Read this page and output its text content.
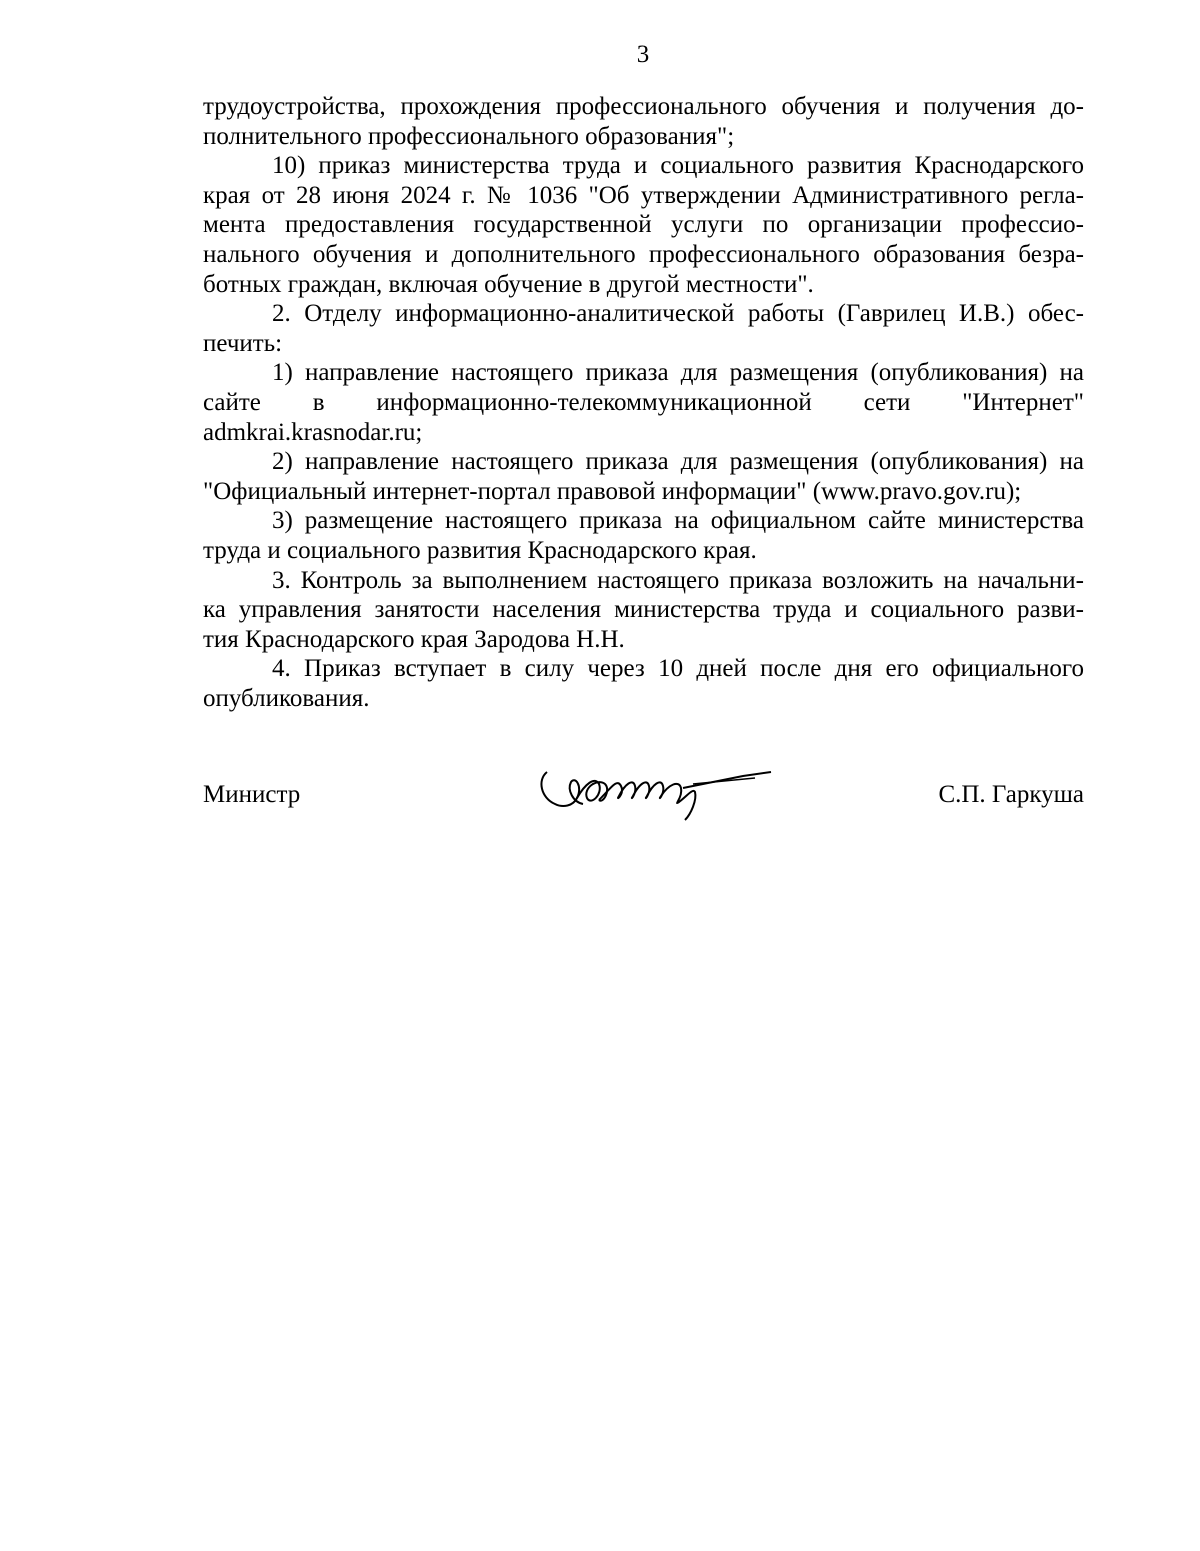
3
трудоустройства, прохождения профессионального обучения и получения до-
полнительного профессионального образования";
10) приказ министерства труда и социального развития Краснодарского
края от 28 июня 2024 г. № 1036 "Об утверждении Административного регла-
мента предоставления государственной услуги по организации профессио-
нального обучения и дополнительного профессионального образования безра-
ботных граждан, включая обучение в другой местности".
2. Отделу информационно-аналитической работы (Гаврилец И.В.) обес-
печить:
1) направление настоящего приказа для размещения (опубликования) на
сайте в информационно-телекоммуникационной сети "Интернет"
admkrai.krasnodar.ru;
2) направление настоящего приказа для размещения (опубликования) на
"Официальный интернет-портал правовой информации" (www.pravo.gov.ru);
3) размещение настоящего приказа на официальном сайте министерства
труда и социального развития Краснодарского края.
3. Контроль за выполнением настоящего приказа возложить на начальни-
ка управления занятости населения министерства труда и социального разви-
тия Краснодарского края Зародова Н.Н.
4. Приказ вступает в силу через 10 дней после дня его официального
опубликования.
Министр	С.П. Гаркуша
